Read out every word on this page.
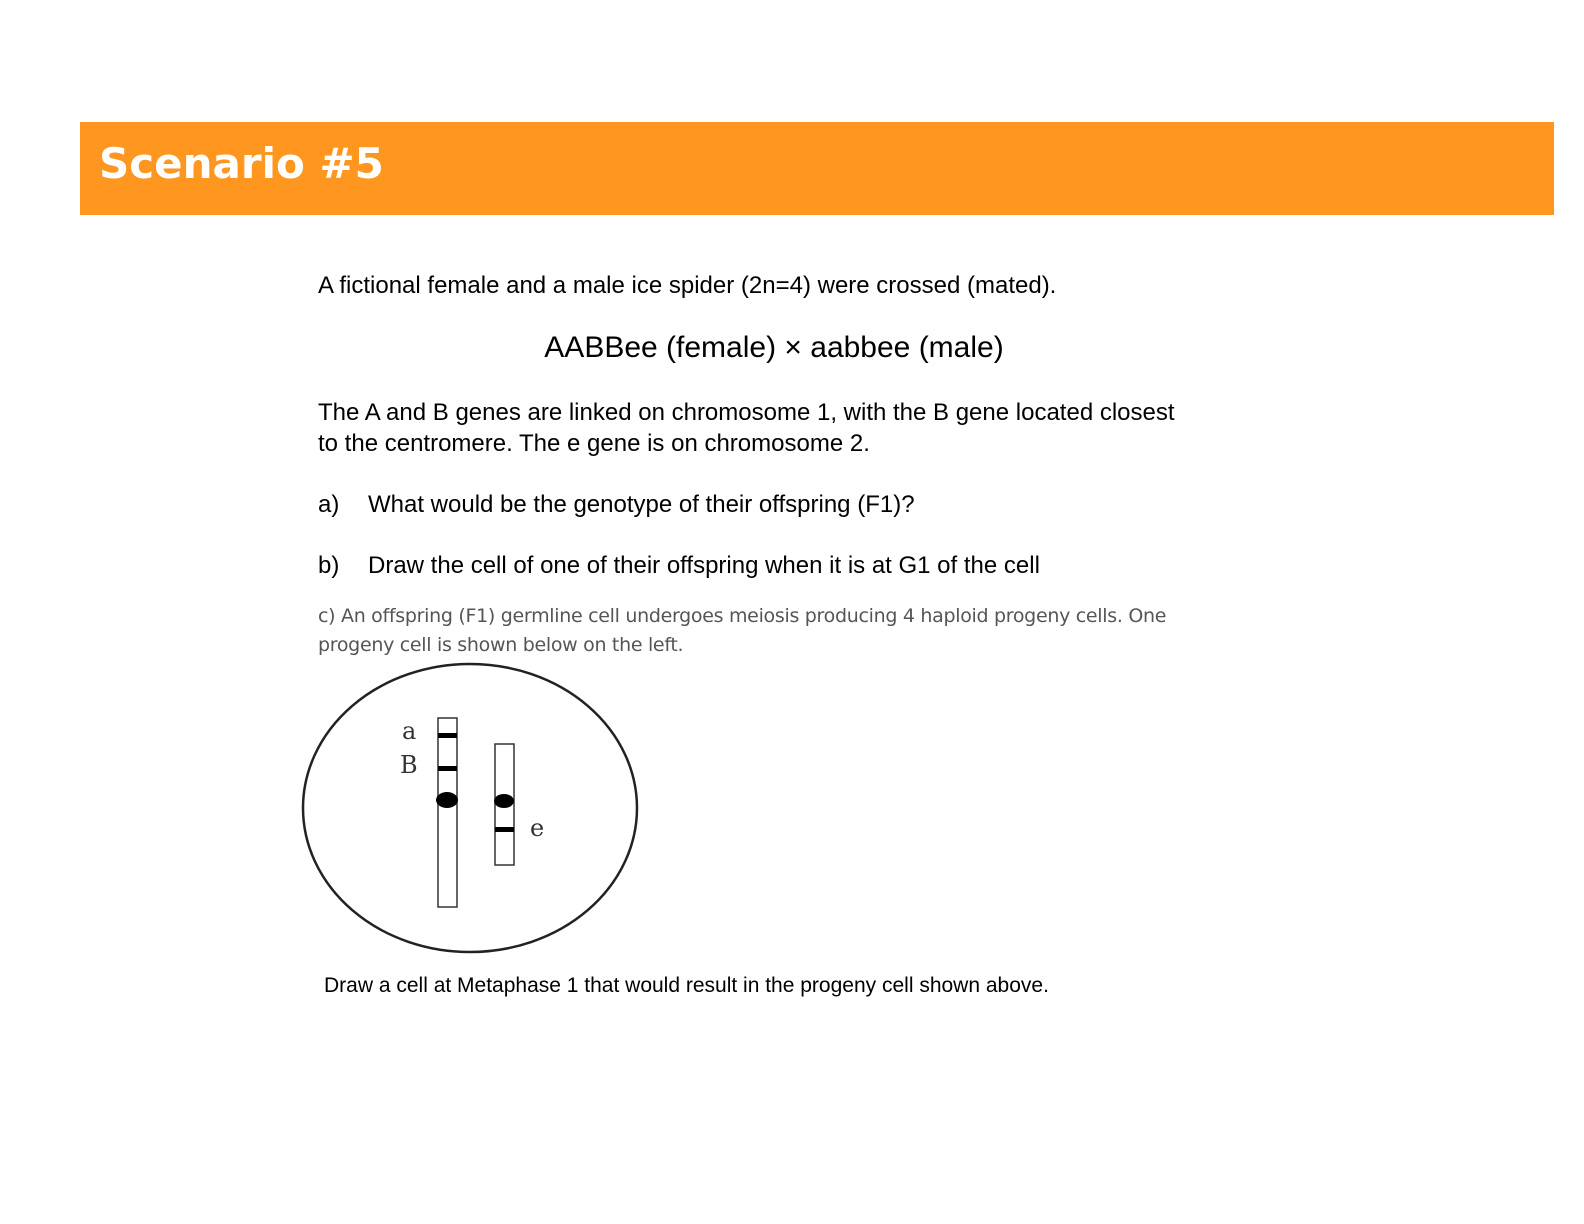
Scenario #5
A fictional female and a male ice spider (2n=4) were crossed (mated).
AABBee (female) × aabbee (male)
The A and B genes are linked on chromosome 1, with the B gene located closest
to the centromere. The e gene is on chromosome 2.
a) What would be the genotype of their offspring (F1)?
b) Draw the cell of one of their offspring when it is at G1 of the cell
c) An offspring (F1) germline cell undergoes meiosis producing 4 haploid progeny cells. One
progeny cell is shown below on the left.
a
B
e
Draw a cell at Metaphase 1 that would result in the progeny cell shown above.
